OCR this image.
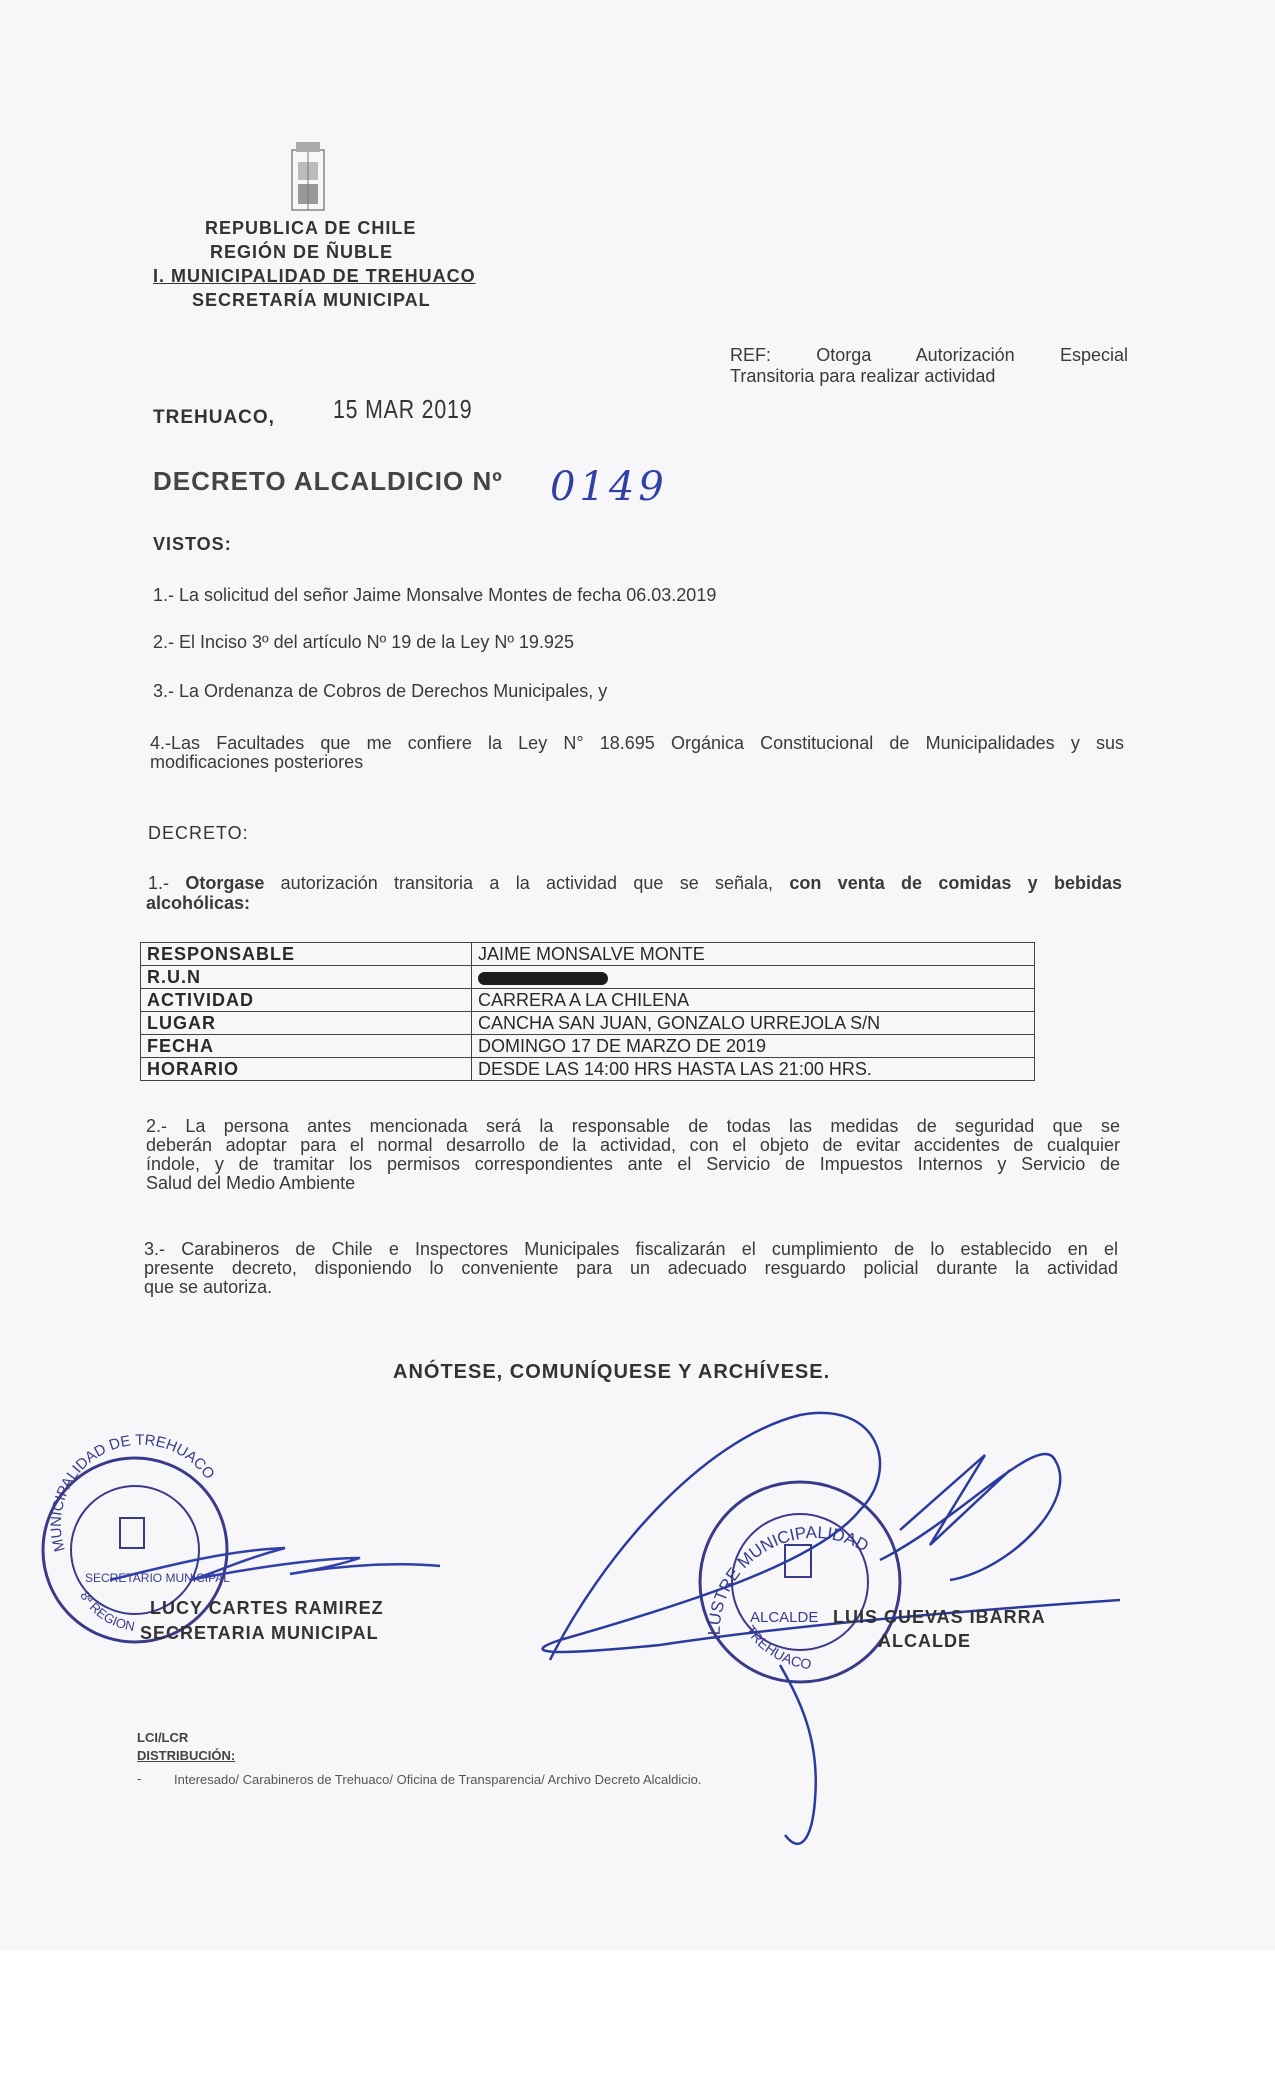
REPUBLICA DE CHILE
REGIÓN DE ÑUBLE
I. MUNICIPALIDAD DE TREHUACO
SECRETARÍA MUNICIPAL
REF:	Otorga Autorización Especial
Transitoria para realizar actividad
TREHUACO, 15 MAR 2019
DECRETO ALCALDICIO Nº 0149
VISTOS:
1.- La solicitud del señor Jaime Monsalve Montes de fecha 06.03.2019
2.- El Inciso 3º del artículo Nº 19 de la Ley Nº 19.925
3.- La Ordenanza de Cobros de Derechos Municipales, y
4.-Las Facultades que me confiere la Ley N° 18.695 Orgánica Constitucional de Municipalidades y sus
modificaciones posteriores
DECRETO:
1.- Otorgase autorización transitoria a la actividad que se señala, con venta de comidas y bebidas
alcohólicas:
RESPONSABLE	JAIME MONSALVE MONTE
R.U.N	
ACTIVIDAD	CARRERA A LA CHILENA
LUGAR	CANCHA SAN JUAN, GONZALO URREJOLA S/N
FECHA	DOMINGO 17 DE MARZO DE 2019
HORARIO	DESDE LAS 14:00 HRS HASTA LAS 21:00 HRS.
2.- La persona antes mencionada será la responsable de todas las medidas de seguridad que se
deberán adoptar para el normal desarrollo de la actividad, con el objeto de evitar accidentes de cualquier
índole, y de tramitar los permisos correspondientes ante el Servicio de Impuestos Internos y Servicio de
Salud del Medio Ambiente
3.- Carabineros de Chile e Inspectores Municipales fiscalizarán el cumplimiento de lo establecido en el
presente decreto, disponiendo lo conveniente para un adecuado resguardo policial durante la actividad
que se autoriza.
ANÓTESE, COMUNÍQUESE Y ARCHÍVESE.
MUNICIPALIDAD DE TREHUACO
SECRETARIO MUNICIPAL
8ª REGION
ILUSTRE MUNICIPALIDAD
ALCALDE
TREHUACO
LUCY CARTES RAMIREZ
SECRETARIA MUNICIPAL
LUIS CUEVAS IBARRA
ALCALDE
LCI/LCR
DISTRIBUCIÓN:
-	Interesado/ Carabineros de Trehuaco/ Oficina de Transparencia/ Archivo Decreto Alcaldicio.
